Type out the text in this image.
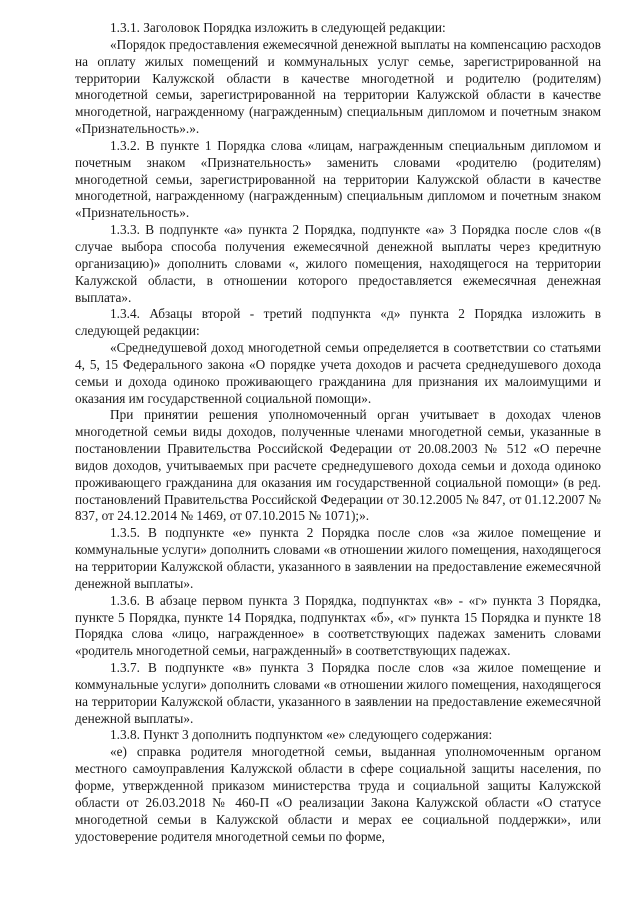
1.3.1. Заголовок Порядка изложить в следующей редакции:

«Порядок предоставления ежемесячной денежной выплаты на компенсацию расходов на оплату жилых помещений и коммунальных услуг семье, зарегистрированной на территории Калужской области в качестве многодетной и родителю (родителям) многодетной семьи, зарегистрированной на территории Калужской области в качестве многодетной, награжденному (награжденным) специальным дипломом и почетным знаком «Признательность».».

1.3.2. В пункте 1 Порядка слова «лицам, награжденным специальным дипломом и почетным знаком «Признательность» заменить словами «родителю (родителям) многодетной семьи, зарегистрированной на территории Калужской области в качестве многодетной, награжденному (награжденным) специальным дипломом и почетным знаком «Признательность».

1.3.3. В подпункте «а» пункта 2 Порядка, подпункте «а» 3 Порядка после слов «(в случае выбора способа получения ежемесячной денежной выплаты через кредитную организацию)» дополнить словами «, жилого помещения, находящегося на территории Калужской области, в отношении которого предоставляется ежемесячная денежная выплата».

1.3.4. Абзацы второй - третий подпункта «д» пункта 2 Порядка изложить в следующей редакции:

«Среднедушевой доход многодетной семьи определяется в соответствии со статьями 4, 5, 15 Федерального закона «О порядке учета доходов и расчета среднедушевого дохода семьи и дохода одиноко проживающего гражданина для признания их малоимущими и оказания им государственной социальной помощи».

При принятии решения уполномоченный орган учитывает в доходах членов многодетной семьи виды доходов, полученные членами многодетной семьи, указанные в постановлении Правительства Российской Федерации от 20.08.2003 № 512 «О перечне видов доходов, учитываемых при расчете среднедушевого дохода семьи и дохода одиноко проживающего гражданина для оказания им государственной социальной помощи» (в ред. постановлений Правительства Российской Федерации от 30.12.2005 № 847, от 01.12.2007 № 837, от 24.12.2014 № 1469, от 07.10.2015 № 1071);».

1.3.5. В подпункте «е» пункта 2 Порядка после слов «за жилое помещение и коммунальные услуги» дополнить словами «в отношении жилого помещения, находящегося на территории Калужской области, указанного в заявлении на предоставление ежемесячной денежной выплаты».

1.3.6. В абзаце первом пункта 3 Порядка, подпунктах «в» - «г» пункта 3 Порядка, пункте 5 Порядка, пункте 14 Порядка, подпунктах «б», «г» пункта 15 Порядка и пункте 18 Порядка слова «лицо, награжденное» в соответствующих падежах заменить словами «родитель многодетной семьи, награжденный» в соответствующих падежах.

1.3.7. В подпункте «в» пункта 3 Порядка после слов «за жилое помещение и коммунальные услуги» дополнить словами «в отношении жилого помещения, находящегося на территории Калужской области, указанного в заявлении на предоставление ежемесячной денежной выплаты».

1.3.8. Пункт 3 дополнить подпунктом «е» следующего содержания:

«е) справка родителя многодетной семьи, выданная уполномоченным органом местного самоуправления Калужской области в сфере социальной защиты населения, по форме, утвержденной приказом министерства труда и социальной защиты Калужской области от 26.03.2018 № 460-П «О реализации Закона Калужской области «О статусе многодетной семьи в Калужской области и мерах ее социальной поддержки», или удостоверение родителя многодетной семьи по форме,
